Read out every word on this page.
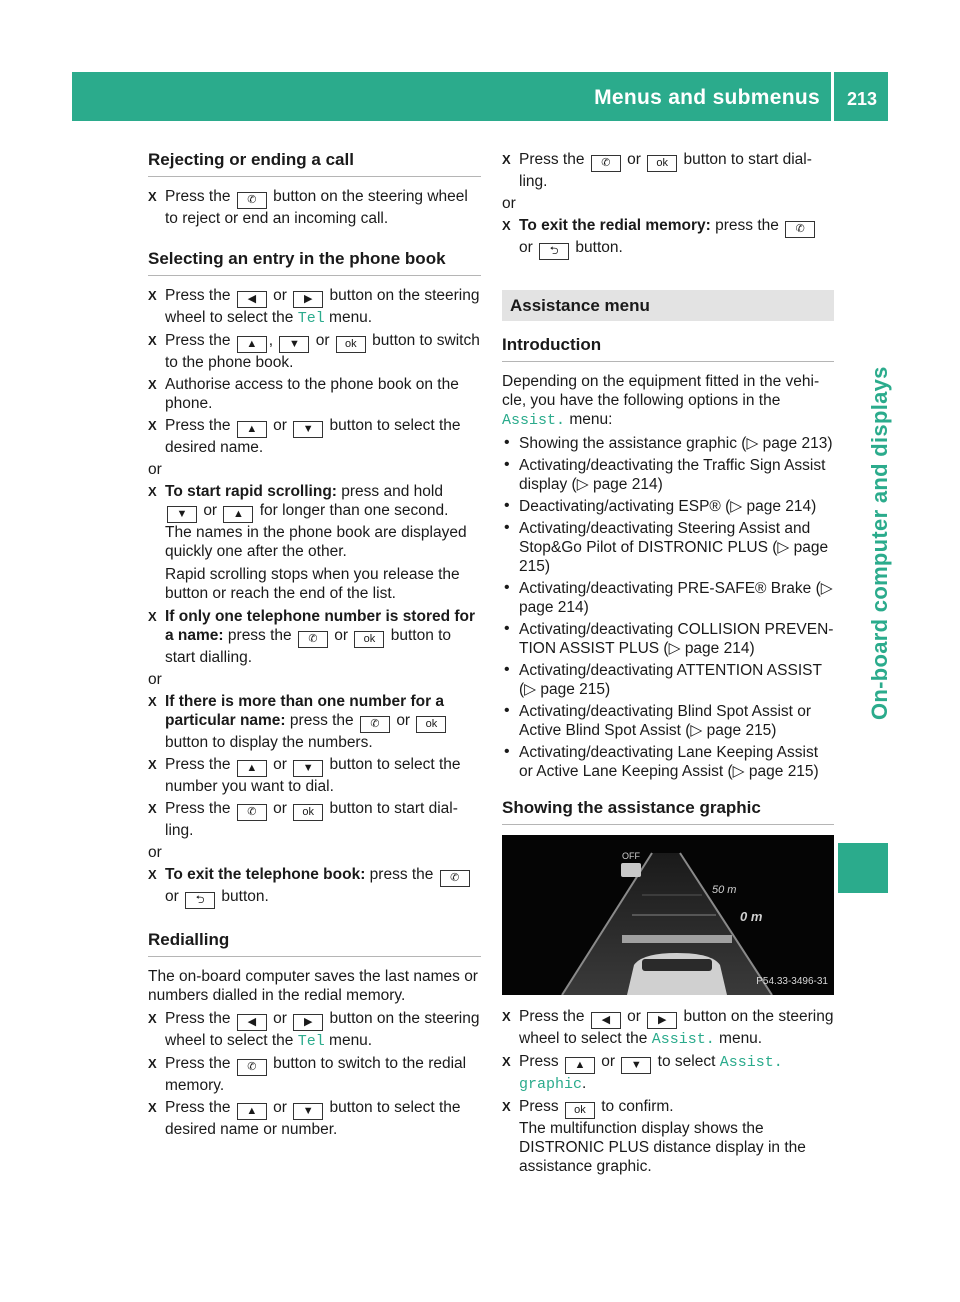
Menus and submenus	213
On-board computer and displays
Rejecting or ending a call
X Press the ✆ button on the steering wheel to reject or end an incoming call.
Selecting an entry in the phone book
X Press the ◀ or ▶ button on the steering wheel to select the Tel menu.
X Press the ▲ , ▼ or ok button to switch to the phone book.
X Authorise access to the phone book on the phone.
X Press the ▲ or ▼ button to select the desired name.
or
X To start rapid scrolling: press and hold ▼ or ▲ for longer than one second.

The names in the phone book are displayed quickly one after the other.

Rapid scrolling stops when you release the button or reach the end of the list.

X If only one telephone number is stored for a name: press the ✆ or ok button to start dialling.
or
X If there is more than one number for a particular name: press the ✆ or ok button to display the numbers.
X Press the ▲ or ▼ button to select the number you want to dial.
X Press the ✆ or ok button to start dial- ling.
or
X To exit the telephone book: press the ✆ or ⮌ button.
Redialling

The on-board computer saves the last names or numbers dialled in the redial memory.

X Press the ◀ or ▶ button on the steering wheel to select the Tel menu.
X Press the ✆ button to switch to the redial memory.
X Press the ▲ or ▼ button to select the desired name or number.
X Press the ✆ or ok button to start dial- ling.
or
X To exit the redial memory: press the ✆ or ⮌ button.
Assistance menu
Introduction

Depending on the equipment fitted in the vehi- cle, you have the following options in the Assist. menu:

• Showing the assistance graphic (▷ page 213)
• Activating/deactivating the Traffic Sign Assist display (▷ page 214)
• Deactivating/activating ESP® (▷ page 214)
• Activating/deactivating Steering Assist and Stop&Go Pilot of DISTRONIC PLUS (▷ page 215)
• Activating/deactivating PRE-SAFE® Brake (▷ page 214)
• Activating/deactivating COLLISION PREVEN- TION ASSIST PLUS (▷ page 214)
• Activating/deactivating ATTENTION ASSIST (▷ page 215)
• Activating/deactivating Blind Spot Assist or Active Blind Spot Assist (▷ page 215)
• Activating/deactivating Lane Keeping Assist or Active Lane Keeping Assist (▷ page 215)
Showing the assistance graphic
OFF
50 m
0 m
P54.33-3496-31
X Press the ◀ or ▶ button on the steering wheel to select the Assist. menu.
X Press ▲ or ▼ to select Assist. graphic.
X Press ok to confirm.

The multifunction display shows the DISTRONIC PLUS distance display in the assistance graphic.
